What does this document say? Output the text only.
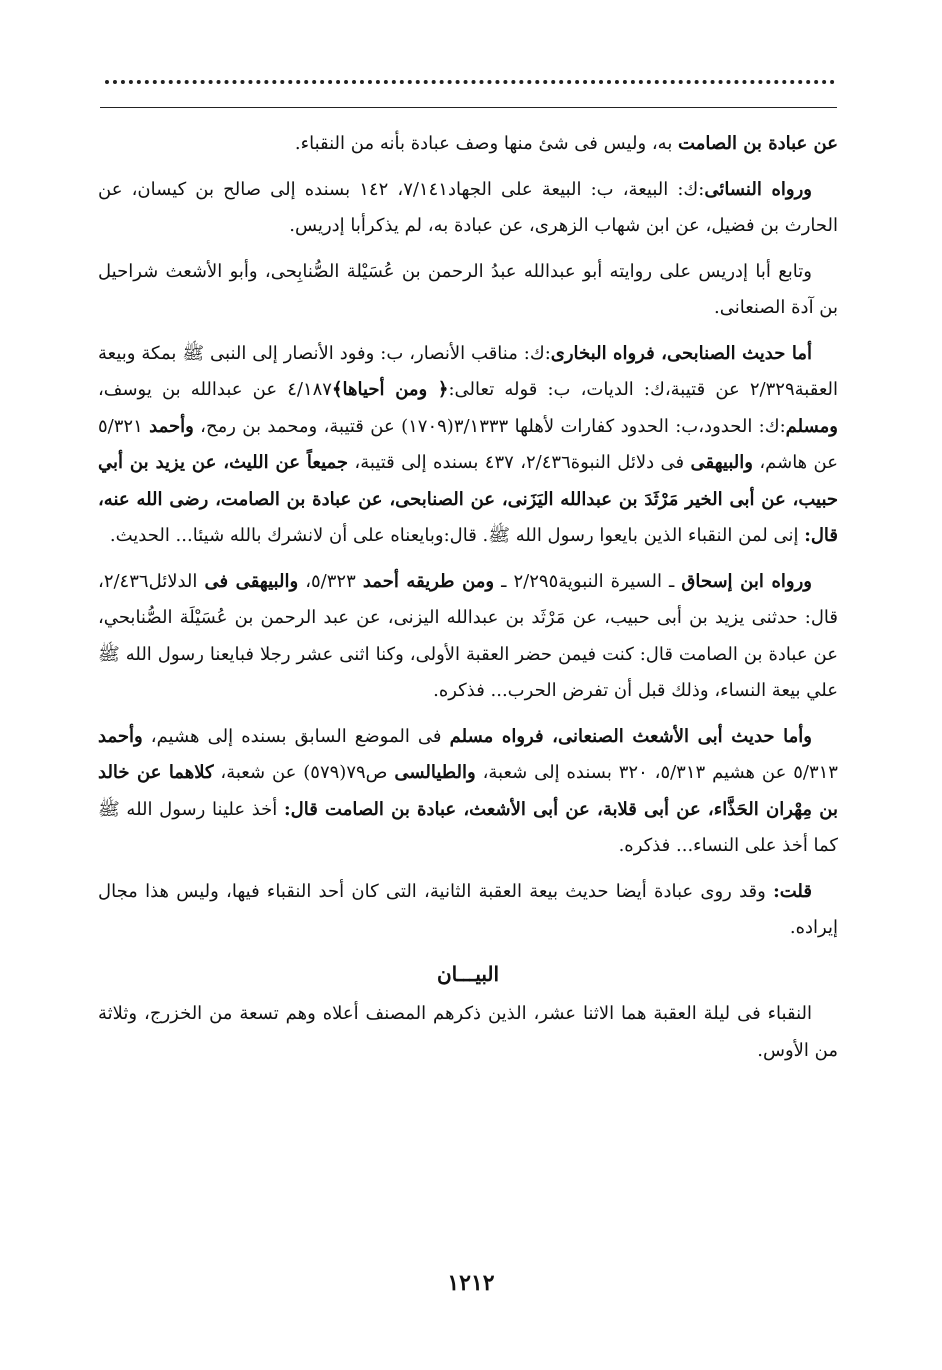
عن عبادة بن الصامت به، وليس فى شئ منها وصف عبادة بأنه من النقباء.

ورواه النسائى:ك: البيعة، ب: البيعة على الجهاد٧/١٤١، ١٤٢ بسنده إلى صالح بن كيسان، عن الحارث بن فضيل، عن ابن شهاب الزهرى، عن عبادة به، لم يذكرأبا إدريس.

وتابع أبا إدريس على روايته أبو عبدالله عبدُ الرحمن بن عُسَيْلة الصُّنابِحى، وأبو الأشعث شراحيل بن آدة الصنعانى.

أما حديث الصنابحى، فرواه البخارى:ك: مناقب الأنصار، ب: وفود الأنصار إلى النبى ﷺ بمكة وبيعة العقبة٢/٣٢٩ عن قتيبة،ك: الديات، ب: قوله تعالى:﴿ ومن أحياها﴾٤/١٨٧ عن عبدالله بن يوسف، ومسلم:ك: الحدود،ب: الحدود كفارات لأهلها ٣/١٣٣٣(١٧٠٩) عن قتيبة، ومحمد بن رمح، وأحمد ٥/٣٢١ عن هاشم، والبيهقى فى دلائل النبوة٢/٤٣٦، ٤٣٧ بسنده إلى قتيبة، جميعاً عن الليث، عن يزيد بن أبي حبيب، عن أبى الخير مَرْثَدَ بن عبدالله اليَزَنى، عن الصنابحى، عن عبادة بن الصامت، رضى الله عنه، قال: إنى لمن النقباء الذين بايعوا رسول الله ﷺ. قال:وبايعناه على أن لانشرك بالله شيئا... الحديث.

ورواه ابن إسحاق ـ السيرة النبوية٢/٢٩٥ ـ ومن طريقه أحمد ٥/٣٢٣، والبيهقى فى الدلائل٢/٤٣٦، قال: حدثنى يزيد بن أبى حبيب، عن مَرْثَد بن عبدالله اليزنى، عن عبد الرحمن بن عُسَيْلَة الصُّنابحي، عن عبادة بن الصامت قال: كنت فيمن حضر العقبة الأولى، وكنا اثنى عشر رجلا فبايعنا رسول الله ﷺ علي بيعة النساء، وذلك قبل أن تفرض الحرب... فذكره.

وأما حديث أبى الأشعث الصنعانى، فرواه مسلم فى الموضع السابق بسنده إلى هشيم، وأحمد ٥/٣١٣ عن هشيم ٥/٣١٣، ٣٢٠ بسنده إلى شعبة، والطيالسى ص٧٩(٥٧٩) عن شعبة، كلاهما عن خالد بن مِهْران الحَذَّاء، عن أبى قلابة، عن أبى الأشعث، عبادة بن الصامت قال: أخذ علينا رسول الله ﷺ كما أخذ على النساء... فذكره.

قلت: وقد روى عبادة أيضا حديث بيعة العقبة الثانية، التى كان أحد النقباء فيها، وليس هذا مجال إيراده.

البيـــان

النقباء فى ليلة العقبة هما الاثنا عشر، الذين ذكرهم المصنف أعلاه وهم تسعة من الخزرج، وثلاثة من الأوس.

١٢١٢
